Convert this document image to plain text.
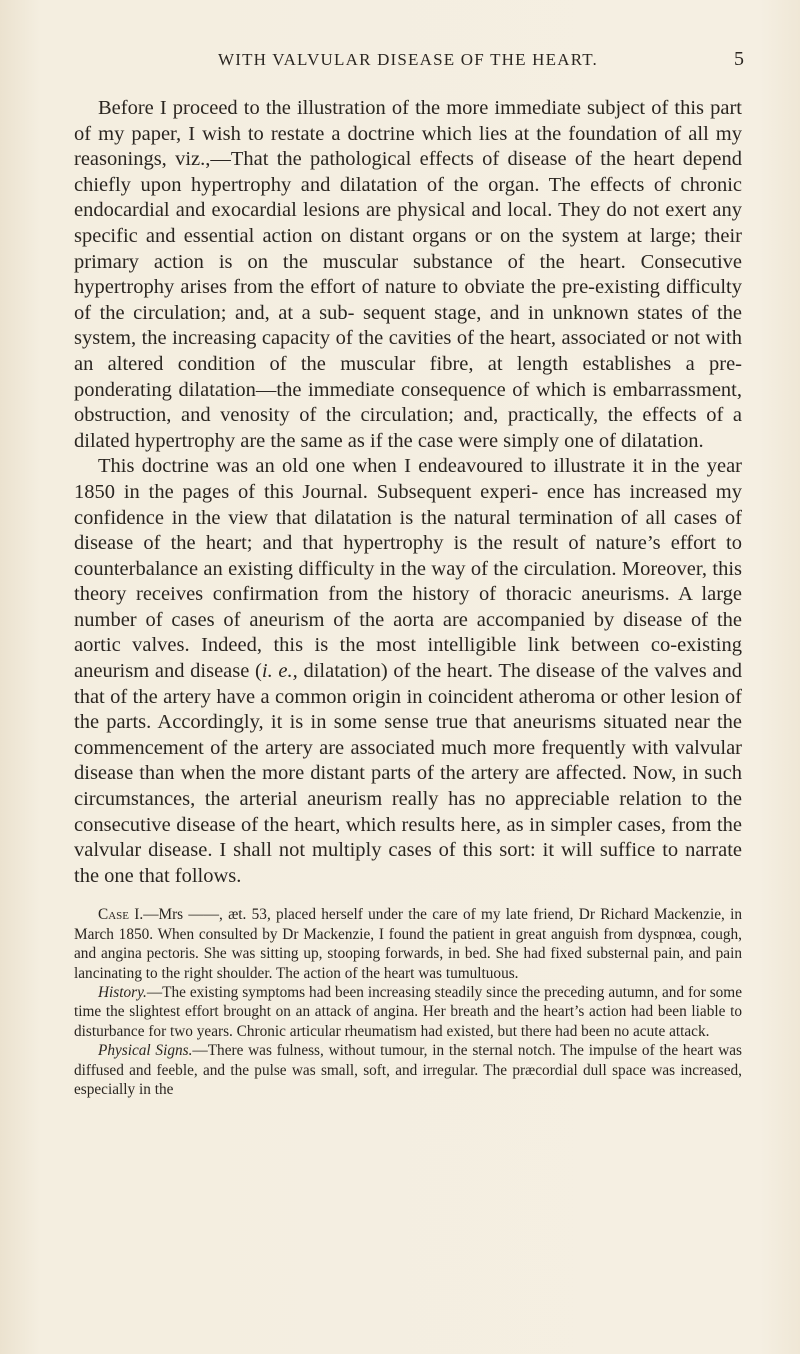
WITH VALVULAR DISEASE OF THE HEART.	5

Before I proceed to the illustration of the more immediate subject of this part of my paper, I wish to restate a doctrine which lies at the foundation of all my reasonings, viz.,—That the pathological effects of disease of the heart depend chiefly upon hypertrophy and dilatation of the organ. The effects of chronic endocardial and exocardial lesions are physical and local. They do not exert any specific and essential action on distant organs or on the system at large; their primary action is on the muscular substance of the heart. Consecutive hypertrophy arises from the effort of nature to obviate the pre-existing difficulty of the circulation; and, at a sub- sequent stage, and in unknown states of the system, the increasing capacity of the cavities of the heart, associated or not with an altered condition of the muscular fibre, at length establishes a pre- ponderating dilatation—the immediate consequence of which is embarrassment, obstruction, and venosity of the circulation; and, practically, the effects of a dilated hypertrophy are the same as if the case were simply one of dilatation.

This doctrine was an old one when I endeavoured to illustrate it in the year 1850 in the pages of this Journal. Subsequent experi- ence has increased my confidence in the view that dilatation is the natural termination of all cases of disease of the heart; and that hypertrophy is the result of nature’s effort to counterbalance an existing difficulty in the way of the circulation. Moreover, this theory receives confirmation from the history of thoracic aneurisms. A large number of cases of aneurism of the aorta are accompanied by disease of the aortic valves. Indeed, this is the most intelligible link between co-existing aneurism and disease (i. e., dilatation) of the heart. The disease of the valves and that of the artery have a common origin in coincident atheroma or other lesion of the parts. Accordingly, it is in some sense true that aneurisms situated near the commencement of the artery are associated much more frequently with valvular disease than when the more distant parts of the artery are affected. Now, in such circumstances, the arterial aneurism really has no appreciable relation to the consecutive disease of the heart, which results here, as in simpler cases, from the valvular disease. I shall not multiply cases of this sort: it will suffice to narrate the one that follows.

Case I.—Mrs ——, æt. 53, placed herself under the care of my late friend, Dr Richard Mackenzie, in March 1850. When consulted by Dr Mackenzie, I found the patient in great anguish from dyspnœa, cough, and angina pectoris. She was sitting up, stooping forwards, in bed. She had fixed substernal pain, and pain lancinating to the right shoulder. The action of the heart was tumultuous.

History.—The existing symptoms had been increasing steadily since the preceding autumn, and for some time the slightest effort brought on an attack of angina. Her breath and the heart’s action had been liable to disturbance for two years. Chronic articular rheumatism had existed, but there had been no acute attack.

Physical Signs.—There was fulness, without tumour, in the sternal notch. The impulse of the heart was diffused and feeble, and the pulse was small, soft, and irregular. The præcordial dull space was increased, especially in the
